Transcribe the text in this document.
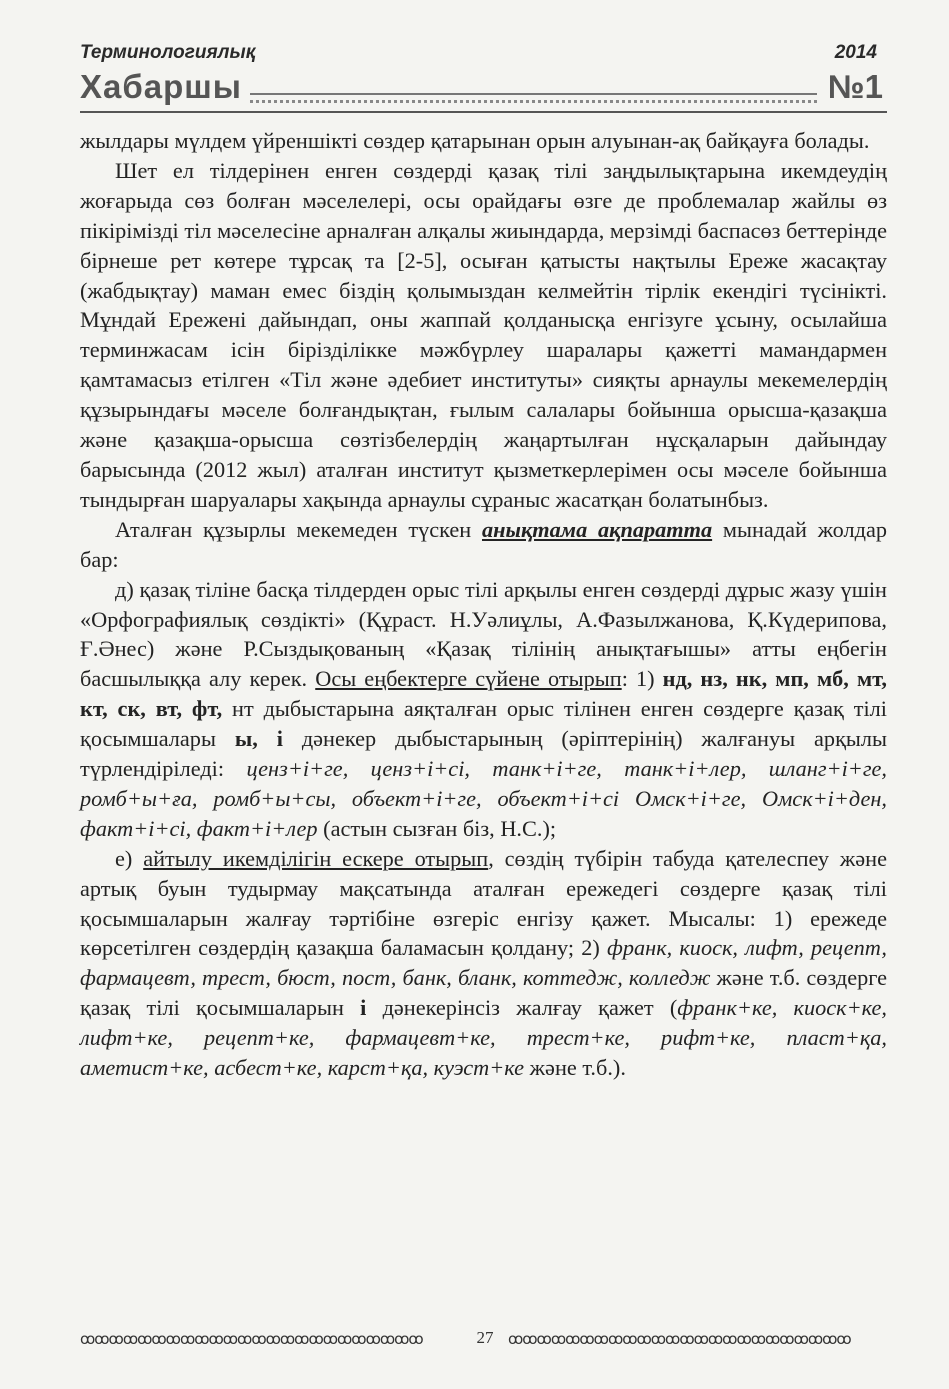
Терминологиялық
Хабаршы
2014
№1

жылдары мүлдем үйреншікті сөздер қатарынан орын алуынан-ақ байқауға болады.

Шет ел тілдерінен енген сөздерді қазақ тілі заңдылықтарына икемдеудің жоғарыда сөз болған мәселелері, осы орайдағы өзге де проблемалар жайлы өз пікірімізді тіл мәселесіне арналған алқалы жиындарда, мерзімді баспасөз беттерінде бірнеше рет көтере тұрсақ та [2-5], осыған қатысты нақтылы Ереже жасақтау (жабдықтау) маман емес біздің қолымыздан келмейтін тірлік екендігі түсінікті. Мұндай Ережені дайындап, оны жаппай қолданысқа енгізуге ұсыну, осылайша терминжасам ісін біріздiлікке мәжбүрлеу шаралары қажетті мамандармен қамтамасыз етілген «Тіл және әдебиет институты» сияқты арнаулы мекемелердің құзырындағы мәселе болғандықтан, ғылым салалары бойынша орысша-қазақша және қазақша-орысша сөзтізбелердің жаңартылған нұсқаларын дайындау барысында (2012 жыл) аталған институт қызметкерлерімен осы мәселе бойынша тындырған шаруалары хақында арнаулы сұраныс жасатқан болатынбыз.

Аталған құзырлы мекемеден түскен анықтама ақпаратта мынадай жолдар бар:

д) қазақ тіліне басқа тілдерден орыс тілі арқылы енген сөздерді дұрыс жазу үшін «Орфографиялық сөздікті» (Құраст. Н.Уәлиұлы, А.Фазылжанова, Қ.Күдерипова, Ғ.Әнес) және Р.Сыздықованың «Қазақ тілінің анықтағышы» атты еңбегін басшылыққа алу керек. Осы еңбектерге сүйене отырып: 1) нд, нз, нк, мп, мб, мт, кт, ск, вт, фт, нт дыбыстарына аяқталған орыс тілінен енген сөздерге қазақ тілі қосымшалары ы, і дәнекер дыбыстарының (әріптерінің) жалғануы арқылы түрлендіріледі: ценз+і+ге, ценз+і+сі, танк+і+ге, танк+і+лер, шланг+і+ге, ромб+ы+ға, ромб+ы+сы, объект+і+ге, объект+і+сі Омск+і+ге, Омск+і+ден, факт+і+сі, факт+і+лер (астын сызған біз, Н.С.);

е) айтылу икемділігін ескере отырып, сөздің түбірін табуда қателеспеу және артық буын тудырмау мақсатында аталған ережедегі сөздерге қазақ тілі қосымшаларын жалғау тәртібіне өзгеріс енгізу қажет. Мысалы: 1) ережеде көрсетілген сөздердің қазақша баламасын қолдану; 2) франк, киоск, лифт, рецепт, фармацевт, трест, бюст, пост, банк, бланк, коттедж, колледж және т.б. сөздерге қазақ тілі қосымшаларын і дәнекерінсіз жалғау қажет (франк+ке, киоск+ке, лифт+ке, рецепт+ке, фармацевт+ке, трест+ке, рифт+ке, пласт+қа, аметист+ке, асбест+ке, карст+қа, куэст+ке және т.б.).

ꝏꝏꝏꝏꝏꝏꝏꝏꝏꝏꝏꝏꝏꝏꝏꝏꝏꝏꝏꝏꝏꝏꝏꝏ	27 ꝏꝏꝏꝏꝏꝏꝏꝏꝏꝏꝏꝏꝏꝏꝏꝏꝏꝏꝏꝏꝏꝏꝏꝏ
